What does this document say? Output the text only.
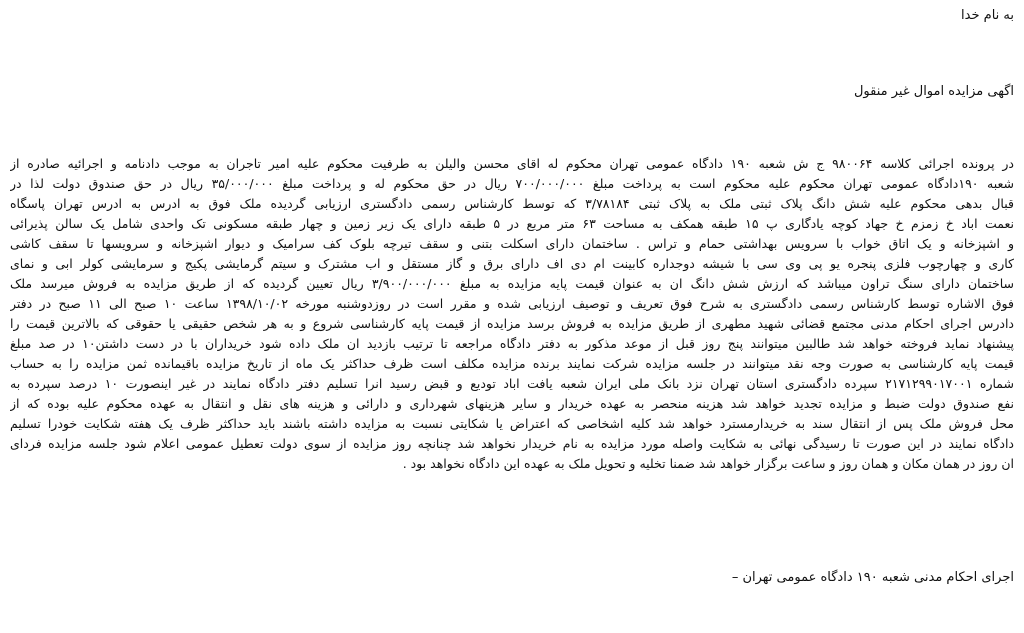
به نام خدا
اگهی مزایده اموال غیر منقول
در پرونده اجرائی کلاسه ۹۸۰۰۶۴ ج ش شعبه ۱۹۰ دادگاه عمومی تهران محکوم له اقای محسن والیلن به طرفیت محکوم علیه امیر تاجران به موجب دادنامه و اجرائیه صادره از
شعبه ۱۹۰دادگاه عمومی تهران محکوم علیه محکوم است به پرداخت مبلغ ۷۰۰/۰۰۰/۰۰۰ ریال در حق محکوم له و پرداخت مبلغ ۳۵/۰۰۰/۰۰۰ ریال در حق صندوق دولت لذا در
قبال بدهی محکوم علیه شش دانگ پلاک ثبتی ملک به پلاک ثبتی ۳/۷۸۱۸۴ که توسط کارشناس رسمی دادگستری ارزیابی گردیده ملک فوق به ادرس به ادرس تهران پاسگاه
نعمت اباد خ زمزم خ جهاد کوچه یادگاری پ ۱۵ طبقه همکف به مساحت ۶۳ متر مربع در ۵ طبقه دارای یک زیر زمین و چهار طبقه مسکونی تک واحدی شامل یک سالن پذیرائی
و اشپزخانه و یک اتاق خواب با سرویس بهداشتی حمام و تراس . ساختمان دارای اسکلت بتنی و سقف تیرچه بلوک کف سرامیک و دیوار اشپزخانه و سرویسها تا سقف کاشی
کاری و چهارچوب فلزی پنجره یو پی وی سی با شیشه دوجداره کابینت ام دی اف دارای برق و گاز مستقل و اب مشترک و سیتم گرمایشی پکیج و سرمایشی کولر ابی و نمای
ساختمان دارای سنگ تراون میباشد که ارزش شش دانگ ان به عنوان قیمت پایه مزایده به مبلغ ۳/۹۰۰/۰۰۰/۰۰۰ ریال تعیین گردیده که از طریق مزایده به فروش میرسد ملک
فوق الاشاره توسط کارشناس رسمی دادگستری به شرح فوق تعریف و توصیف ارزیابی شده و مقرر است در روزدوشنبه مورخه ۱۳۹۸/۱۰/۰۲ ساعت ۱۰ صبح الی ۱۱ صبح در دفتر
دادرس اجرای احکام مدنی مجتمع قضائی شهید مطهری از طریق مزایده به فروش برسد مزایده از قیمت پایه کارشناسی شروع و به هر شخص حقیقی یا حقوقی که بالاترین قیمت را
پیشنهاد نماید فروخته خواهد شد طالبین میتوانند پنج روز قبل از موعد مذکور به دفتر دادگاه مراجعه تا ترتیب بازدید ان ملک داده شود خریداران با در دست داشتن۱۰ در صد مبلغ
قیمت پایه کارشناسی به صورت وجه نقد میتوانند در جلسه مزایده شرکت نمایند برنده مزایده مکلف است ظرف حداکثر یک ماه از تاریخ مزایده باقیمانده ثمن مزایده را به حساب
شماره ۲۱۷۱۲۹۹۰۱۷۰۰۱ سپرده دادگستری استان تهران نزد بانک ملی ایران شعبه یافت اباد تودیع و قبض رسید انرا تسلیم دفتر دادگاه نمایند در غیر اینصورت ۱۰ درصد سپرده به
نفع صندوق دولت ضبط و مزایده تجدید خواهد شد هزینه منحصر به عهده خریدار و سایر هزینهای شهرداری و دارائی و هزینه های نقل و انتقال به عهده محکوم علیه بوده که از
محل فروش ملک پس از انتقال سند به خریدارمسترد خواهد شد کلیه اشخاصی که اعتراض یا شکایتی نسبت به مزایده داشته باشند باید حداکثر ظرف یک هفته شکایت خودرا تسلیم
دادگاه نمایند در این صورت تا رسیدگی نهائی به شکایت واصله مورد مزایده به نام خریدار نخواهد شد چنانچه روز مزایده از سوی دولت تعطیل عمومی اعلام شود جلسه مزایده فردای
ان روز در همان مکان و همان روز و ساعت برگزار خواهد شد ضمنا تخلیه و تحویل ملک به عهده این دادگاه نخواهد بود .
اجرای احکام مدنی شعبه ۱۹۰ دادگاه عمومی تهران –
